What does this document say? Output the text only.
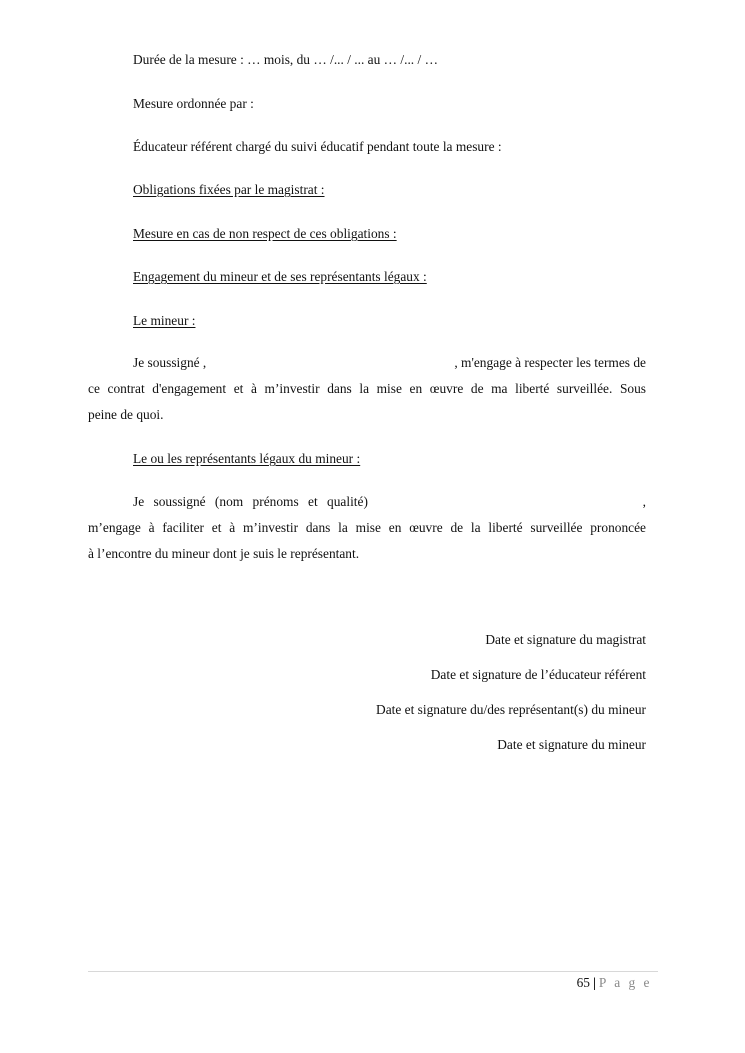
Durée de la mesure : … mois, du … /... / ... au … /... / …
Mesure ordonnée par :
Éducateur référent chargé du suivi éducatif pendant toute la mesure :
Obligations fixées par le magistrat :
Mesure en cas de non respect de ces obligations :
Engagement du mineur et de ses représentants légaux :
Le mineur :
Je soussigné ,	, m'engage à respecter les termes de
ce contrat d'engagement et à m’investir dans la mise en œuvre de ma liberté surveillée. Sous
peine de quoi.
Le ou les représentants légaux du mineur :
Je soussigné (nom prénoms et qualité)	,
m’engage à faciliter et à m’investir dans la mise en œuvre de la liberté surveillée prononcée
à l’encontre du mineur dont je suis le représentant.
Date et signature du magistrat
Date et signature de l’éducateur référent
Date et signature du/des représentant(s) du mineur
Date et signature du mineur
65 | P a g e
